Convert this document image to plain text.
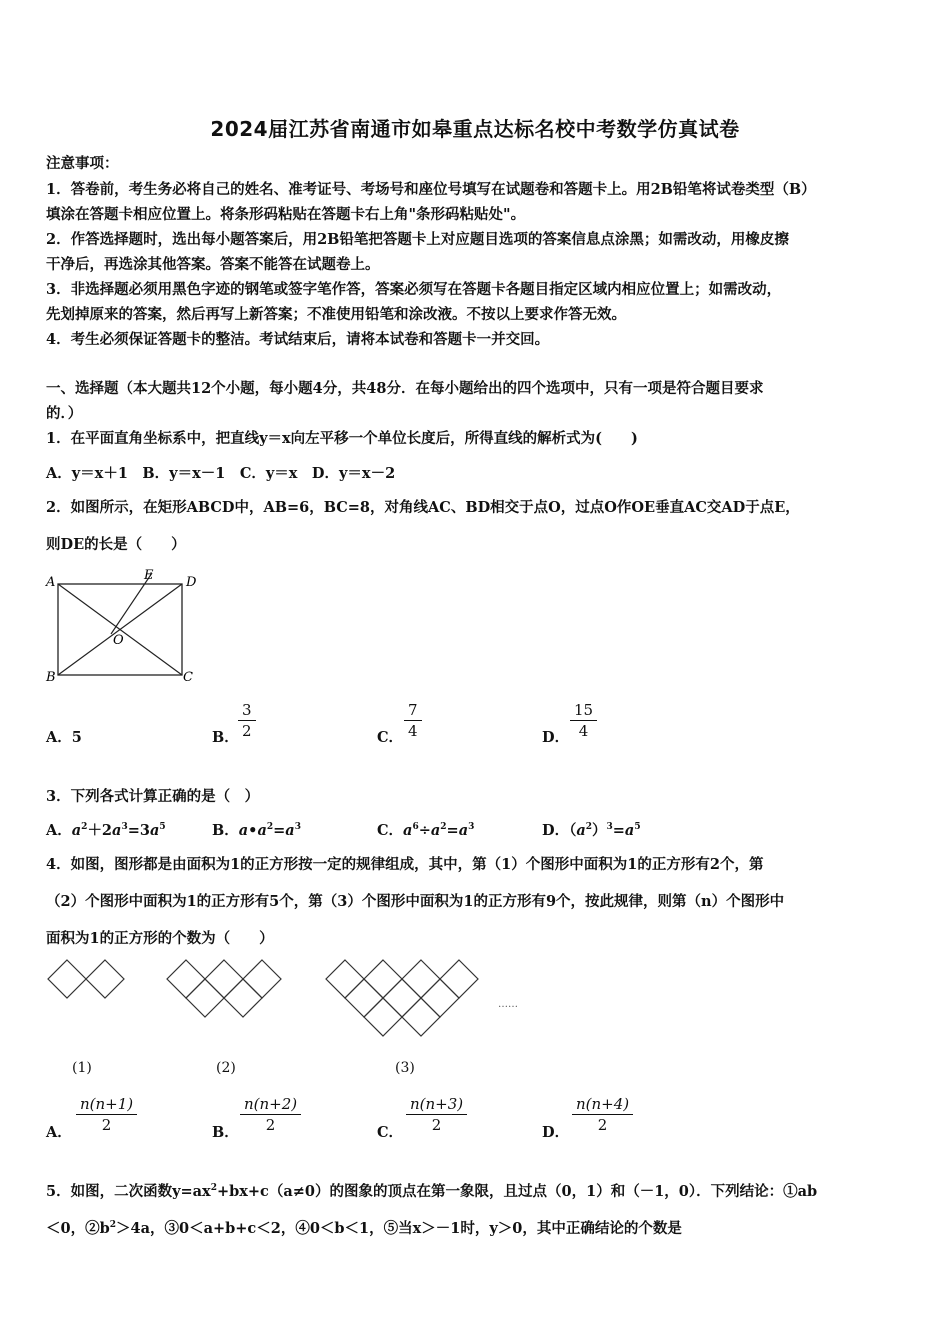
2024届江苏省南通市如皋重点达标名校中考数学仿真试卷
注意事项：
1．答卷前，考生务必将自己的姓名、准考证号、考场号和座位号填写在试题卷和答题卡上。用2B铅笔将试卷类型（B）
填涂在答题卡相应位置上。将条形码粘贴在答题卡右上角"条形码粘贴处"。
2．作答选择题时，选出每小题答案后，用2B铅笔把答题卡上对应题目选项的答案信息点涂黑；如需改动，用橡皮擦
干净后，再选涂其他答案。答案不能答在试题卷上。
3．非选择题必须用黑色字迹的钢笔或签字笔作答，答案必须写在答题卡各题目指定区域内相应位置上；如需改动，
先划掉原来的答案，然后再写上新答案；不准使用铅笔和涂改液。不按以上要求作答无效。
4．考生必须保证答题卡的整洁。考试结束后，请将本试卷和答题卡一并交回。
一、选择题（本大题共12个小题，每小题4分，共48分．在每小题给出的四个选项中，只有一项是符合题目要求
的．）
1．在平面直角坐标系中，把直线y＝x向左平移一个单位长度后，所得直线的解析式为(　　)
A．y＝x＋1　B．y＝x－1　C．y＝x　D．y＝x－2
2．如图所示，在矩形ABCD中，AB=6，BC=8，对角线AC、BD相交于点O，过点O作OE垂直AC交AD于点E，
则DE的长是（　　）
A
B	C
D
E
O
A．5	B．
3
2	C．
7
4	D．
15
4
3．下列各式计算正确的是（　）
A．$a^2+2a^3=3a^5$	B．$a•a^2=a^3$	C．$a^6\div a^2=a^3$	D．$(a^2)^3=a^5$
4．如图，图形都是由面积为1的正方形按一定的规律组成，其中，第（1）个图形中面积为1的正方形有2个，第
（2）个图形中面积为1的正方形有5个，第（3）个图形中面积为1的正方形有9个，按此规律，则第（n）个图形中
面积为1的正方形的个数为（　　）
……
(1)	(2)	(3)
A．
n(n+1)
2	B．
n(n+2)
2	C．
n(n+3)
2	D．
n(n+4)
2
5．如图，二次函数$y=ax^2+bx+c(a\ne 0)$的图象的顶点在第一象限，且过点（0，1）和（－1，0）．下列结论：①ab
＜0，$②b^2>4a$，③0＜a+b+c＜2，④0＜b＜1，⑤当x＞－1时，y＞0，其中正确结论的个数是
